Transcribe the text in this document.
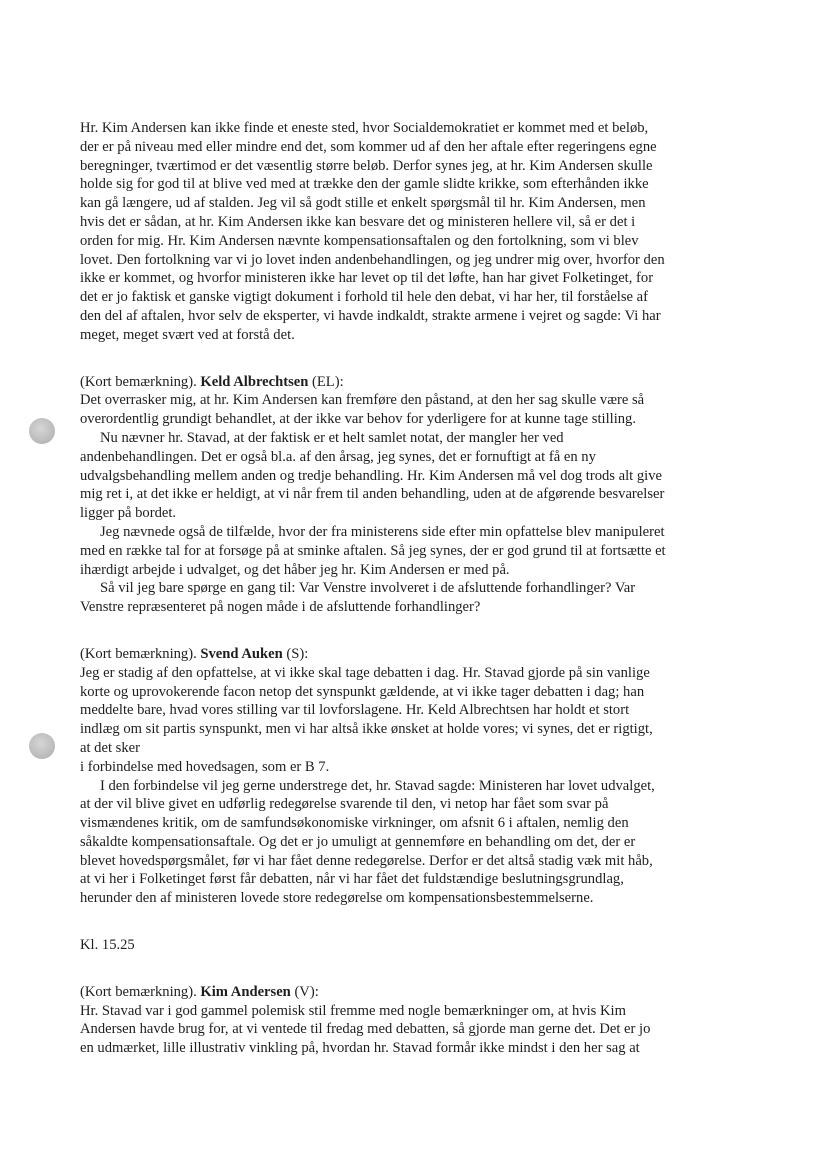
Hr. Kim Andersen kan ikke finde et eneste sted, hvor Socialdemokratiet er kommet med et beløb,
der er på niveau med eller mindre end det, som kommer ud af den her aftale efter regeringens egne
beregninger, tværtimod er det væsentlig større beløb. Derfor synes jeg, at hr. Kim Andersen skulle
holde sig for god til at blive ved med at trække den der gamle slidte krikke, som efterhånden ikke
kan gå længere, ud af stalden. Jeg vil så godt stille et enkelt spørgsmål til hr. Kim Andersen, men
hvis det er sådan, at hr. Kim Andersen ikke kan besvare det og ministeren hellere vil, så er det i
orden for mig. Hr. Kim Andersen nævnte kompensationsaftalen og den fortolkning, som vi blev
lovet. Den fortolkning var vi jo lovet inden andenbehandlingen, og jeg undrer mig over, hvorfor den
ikke er kommet, og hvorfor ministeren ikke har levet op til det løfte, han har givet Folketinget, for
det er jo faktisk et ganske vigtigt dokument i forhold til hele den debat, vi har her, til forståelse af
den del af aftalen, hvor selv de eksperter, vi havde indkaldt, strakte armene i vejret og sagde: Vi har
meget, meget svært ved at forstå det.
(Kort bemærkning). Keld Albrechtsen (EL):
Det overrasker mig, at hr. Kim Andersen kan fremføre den påstand, at den her sag skulle være så
overordentlig grundigt behandlet, at der ikke var behov for yderligere for at kunne tage stilling.
Nu nævner hr. Stavad, at der faktisk er et helt samlet notat, der mangler her ved
andenbehandlingen. Det er også bl.a. af den årsag, jeg synes, det er fornuftigt at få en ny
udvalgsbehandling mellem anden og tredje behandling. Hr. Kim Andersen må vel dog trods alt give
mig ret i, at det ikke er heldigt, at vi når frem til anden behandling, uden at de afgørende besvarelser
ligger på bordet.
Jeg nævnede også de tilfælde, hvor der fra ministerens side efter min opfattelse blev manipuleret
med en række tal for at forsøge på at sminke aftalen. Så jeg synes, der er god grund til at fortsætte et
ihærdigt arbejde i udvalget, og det håber jeg hr. Kim Andersen er med på.
Så vil jeg bare spørge en gang til: Var Venstre involveret i de afsluttende forhandlinger? Var
Venstre repræsenteret på nogen måde i de afsluttende forhandlinger?
(Kort bemærkning). Svend Auken (S):
Jeg er stadig af den opfattelse, at vi ikke skal tage debatten i dag. Hr. Stavad gjorde på sin vanlige
korte og uprovokerende facon netop det synspunkt gældende, at vi ikke tager debatten i dag; han
meddelte bare, hvad vores stilling var til lovforslagene. Hr. Keld Albrechtsen har holdt et stort
indlæg om sit partis synspunkt, men vi har altså ikke ønsket at holde vores; vi synes, det er rigtigt,
at det sker
i forbindelse med hovedsagen, som er B 7.
I den forbindelse vil jeg gerne understrege det, hr. Stavad sagde: Ministeren har lovet udvalget,
at der vil blive givet en udførlig redegørelse svarende til den, vi netop har fået som svar på
vismændenes kritik, om de samfundsøkonomiske virkninger, om afsnit 6 i aftalen, nemlig den
såkaldte kompensationsaftale. Og det er jo umuligt at gennemføre en behandling om det, der er
blevet hovedspørgsmålet, før vi har fået denne redegørelse. Derfor er det altså stadig væk mit håb,
at vi her i Folketinget først får debatten, når vi har fået det fuldstændige beslutningsgrundlag,
herunder den af ministeren lovede store redegørelse om kompensationsbestemmelserne.
Kl. 15.25
(Kort bemærkning). Kim Andersen (V):
Hr. Stavad var i god gammel polemisk stil fremme med nogle bemærkninger om, at hvis Kim
Andersen havde brug for, at vi ventede til fredag med debatten, så gjorde man gerne det. Det er jo
en udmærket, lille illustrativ vinkling på, hvordan hr. Stavad formår ikke mindst i den her sag at
